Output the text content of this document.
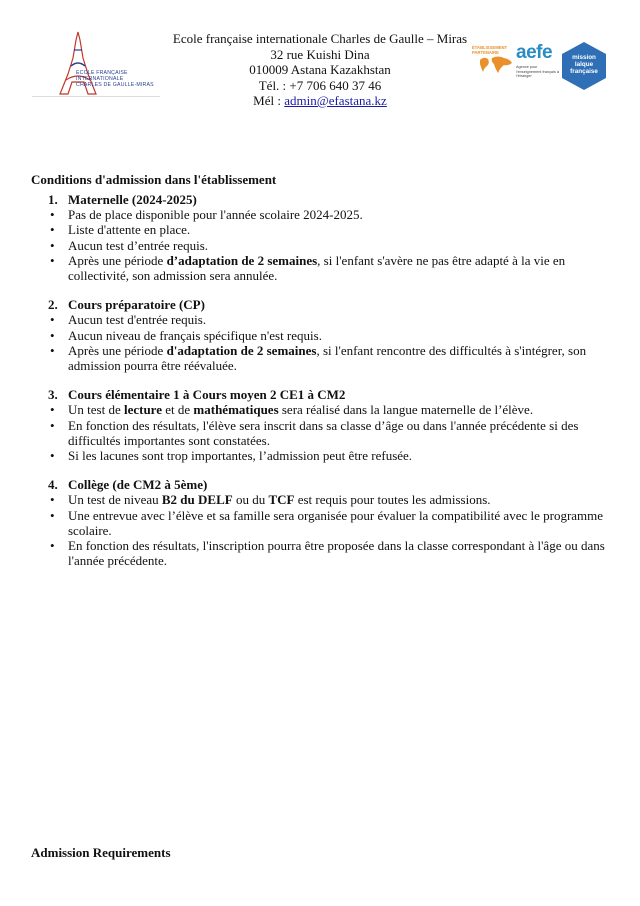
ECOLE FRANÇAISE
INTERNATIONALE
CHARLES DE GAULLE-MIRAS
Ecole française internationale Charles de Gaulle – Miras
32 rue Kuishi Dina
010009 Astana Kazakhstan
Tél. : +7 706 640 37 46
Mél : admin@efastana.kz
ÉTABLISSEMENT PARTENAIRE aefe
Agence pour l'enseignement français à l'étranger
mission
laïque
française
Conditions d'admission dans l'établissement
1. Maternelle (2024-2025)
• Pas de place disponible pour l'année scolaire 2024-2025.
• Liste d'attente en place.
• Aucun test d’entrée requis.
• Après une période d’adaptation de 2 semaines, si l'enfant s'avère ne pas être adapté à la vie en collectivité, son admission sera annulée.
2. Cours préparatoire (CP)
• Aucun test d'entrée requis.
• Aucun niveau de français spécifique n'est requis.
• Après une période d'adaptation de 2 semaines, si l'enfant rencontre des difficultés à s'intégrer, son admission pourra être réévaluée.
3. Cours élémentaire 1 à Cours moyen 2 CE1 à CM2
• Un test de lecture et de mathématiques sera réalisé dans la langue maternelle de l’élève.
• En fonction des résultats, l'élève sera inscrit dans sa classe d’âge ou dans l'année précédente si des difficultés importantes sont constatées.
• Si les lacunes sont trop importantes, l’admission peut être refusée.
4. Collège (de CM2 à 5ème)
• Un test de niveau B2 du DELF ou du TCF est requis pour toutes les admissions.
• Une entrevue avec l’élève et sa famille sera organisée pour évaluer la compatibilité avec le programme scolaire.
• En fonction des résultats, l'inscription pourra être proposée dans la classe correspondant à l'âge ou dans l'année précédente.
Admission Requirements
